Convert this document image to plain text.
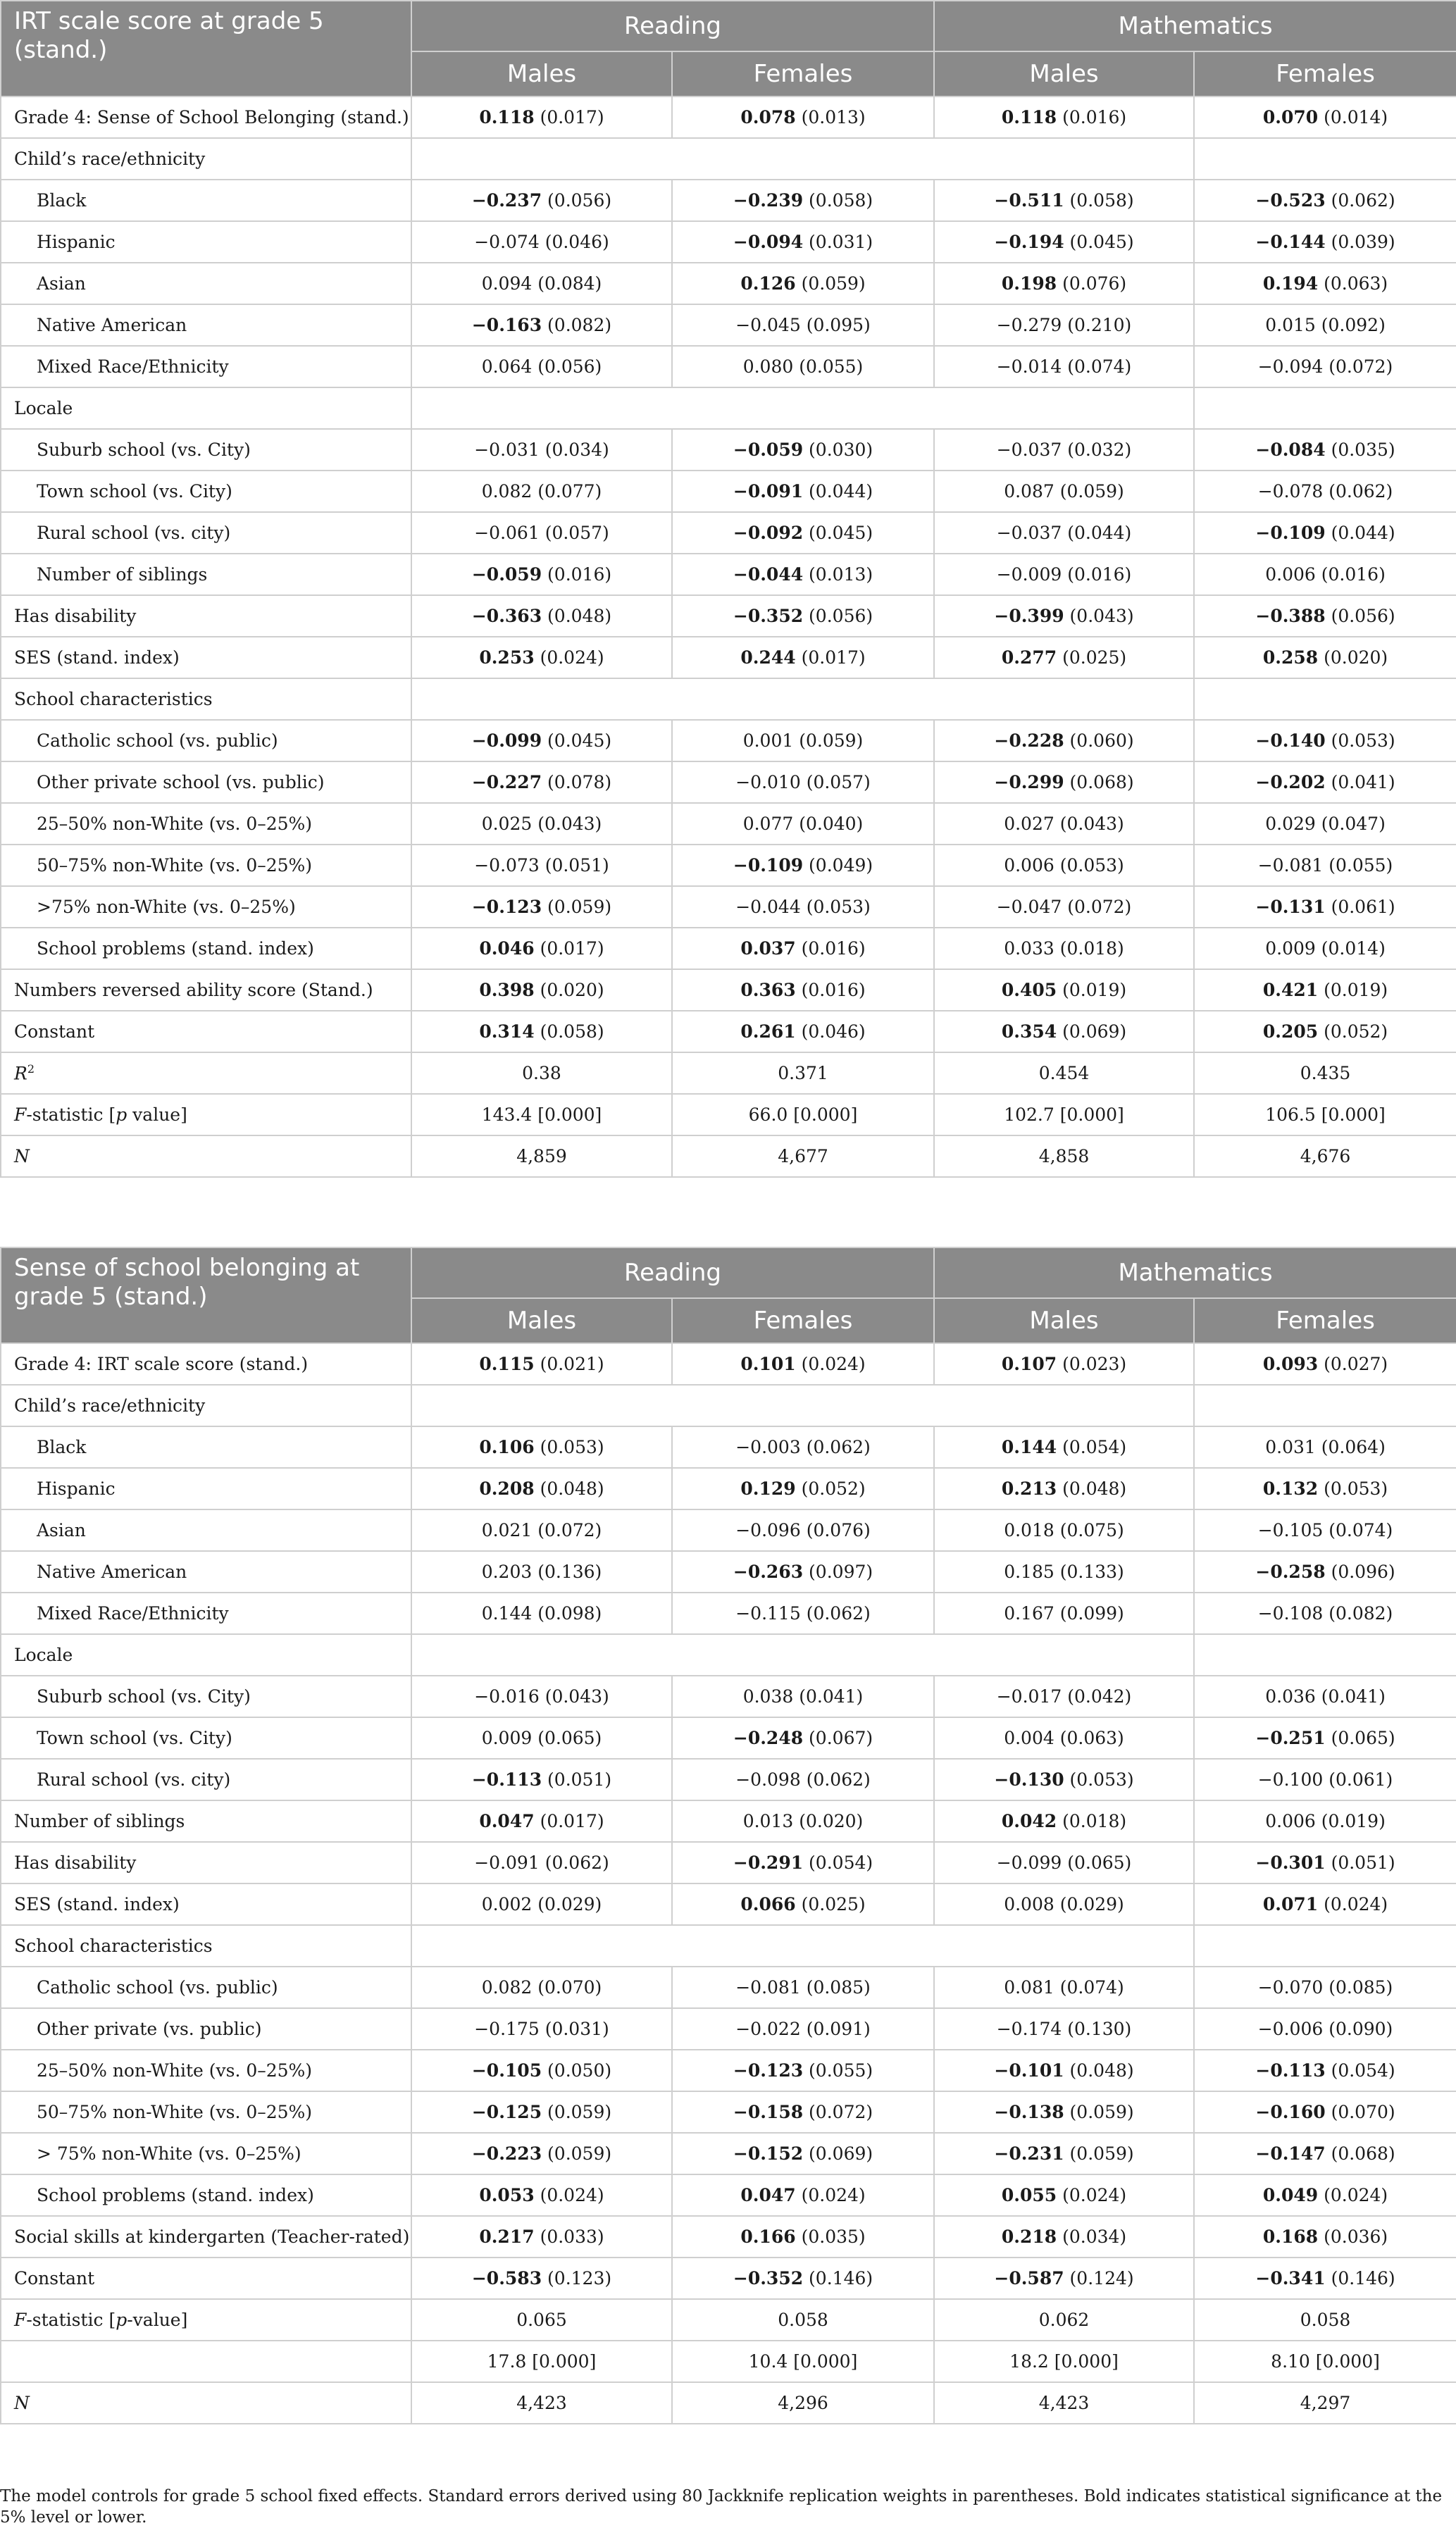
IRT scale score at grade 5 (stand.)	Reading		Mathematics	
	Males	Females	Males	Females
Grade 4: Sense of School Belonging (stand.)	0.118 (0.017)	0.078 (0.013)	0.118 (0.016)	0.070 (0.014)
Child’s race/ethnicity				
Black	−0.237 (0.056)	−0.239 (0.058)	−0.511 (0.058)	−0.523 (0.062)
Hispanic	−0.074 (0.046)	−0.094 (0.031)	−0.194 (0.045)	−0.144 (0.039)
Asian	0.094 (0.084)	0.126 (0.059)	0.198 (0.076)	0.194 (0.063)
Native American	−0.163 (0.082)	−0.045 (0.095)	−0.279 (0.210)	0.015 (0.092)
Mixed Race/Ethnicity	0.064 (0.056)	0.080 (0.055)	−0.014 (0.074)	−0.094 (0.072)
Locale				
Suburb school (vs. City)	−0.031 (0.034)	−0.059 (0.030)	−0.037 (0.032)	−0.084 (0.035)
Town school (vs. City)	0.082 (0.077)	−0.091 (0.044)	0.087 (0.059)	−0.078 (0.062)
Rural school (vs. city)	−0.061 (0.057)	−0.092 (0.045)	−0.037 (0.044)	−0.109 (0.044)
Number of siblings	−0.059 (0.016)	−0.044 (0.013)	−0.009 (0.016)	0.006 (0.016)
Has disability	−0.363 (0.048)	−0.352 (0.056)	−0.399 (0.043)	−0.388 (0.056)
SES (stand. index)	0.253 (0.024)	0.244 (0.017)	0.277 (0.025)	0.258 (0.020)
School characteristics				
Catholic school (vs. public)	−0.099 (0.045)	0.001 (0.059)	−0.228 (0.060)	−0.140 (0.053)
Other private school (vs. public)	−0.227 (0.078)	−0.010 (0.057)	−0.299 (0.068)	−0.202 (0.041)
25–50% non-White (vs. 0–25%)	0.025 (0.043)	0.077 (0.040)	0.027 (0.043)	0.029 (0.047)
50–75% non-White (vs. 0–25%)	−0.073 (0.051)	−0.109 (0.049)	0.006 (0.053)	−0.081 (0.055)
>75% non-White (vs. 0–25%)	−0.123 (0.059)	−0.044 (0.053)	−0.047 (0.072)	−0.131 (0.061)
School problems (stand. index)	0.046 (0.017)	0.037 (0.016)	0.033 (0.018)	0.009 (0.014)
Numbers reversed ability score (Stand.)	0.398 (0.020)	0.363 (0.016)	0.405 (0.019)	0.421 (0.019)
Constant	0.314 (0.058)	0.261 (0.046)	0.354 (0.069)	0.205 (0.052)
$R^2$	0.38	0.371	0.454	0.435
F-statistic [p value]	143.4 [0.000]	66.0 [0.000]	102.7 [0.000]	106.5 [0.000]
N	4,859	4,677	4,858	4,676
Sense of school belonging at grade 5 (stand.)	Reading		Mathematics	
	Males	Females	Males	Females
Grade 4: IRT scale score (stand.)	0.115 (0.021)	0.101 (0.024)	0.107 (0.023)	0.093 (0.027)
Child’s race/ethnicity				
Black	0.106 (0.053)	−0.003 (0.062)	0.144 (0.054)	0.031 (0.064)
Hispanic	0.208 (0.048)	0.129 (0.052)	0.213 (0.048)	0.132 (0.053)
Asian	0.021 (0.072)	−0.096 (0.076)	0.018 (0.075)	−0.105 (0.074)
Native American	0.203 (0.136)	−0.263 (0.097)	0.185 (0.133)	−0.258 (0.096)
Mixed Race/Ethnicity	0.144 (0.098)	−0.115 (0.062)	0.167 (0.099)	−0.108 (0.082)
Locale				
Suburb school (vs. City)	−0.016 (0.043)	0.038 (0.041)	−0.017 (0.042)	0.036 (0.041)
Town school (vs. City)	0.009 (0.065)	−0.248 (0.067)	0.004 (0.063)	−0.251 (0.065)
Rural school (vs. city)	−0.113 (0.051)	−0.098 (0.062)	−0.130 (0.053)	−0.100 (0.061)
Number of siblings	0.047 (0.017)	0.013 (0.020)	0.042 (0.018)	0.006 (0.019)
Has disability	−0.091 (0.062)	−0.291 (0.054)	−0.099 (0.065)	−0.301 (0.051)
SES (stand. index)	0.002 (0.029)	0.066 (0.025)	0.008 (0.029)	0.071 (0.024)
School characteristics				
Catholic school (vs. public)	0.082 (0.070)	−0.081 (0.085)	0.081 (0.074)	−0.070 (0.085)
Other private (vs. public)	−0.175 (0.031)	−0.022 (0.091)	−0.174 (0.130)	−0.006 (0.090)
25–50% non-White (vs. 0–25%)	−0.105 (0.050)	−0.123 (0.055)	−0.101 (0.048)	−0.113 (0.054)
50–75% non-White (vs. 0–25%)	−0.125 (0.059)	−0.158 (0.072)	−0.138 (0.059)	−0.160 (0.070)
> 75% non-White (vs. 0–25%)	−0.223 (0.059)	−0.152 (0.069)	−0.231 (0.059)	−0.147 (0.068)
School problems (stand. index)	0.053 (0.024)	0.047 (0.024)	0.055 (0.024)	0.049 (0.024)
Social skills at kindergarten (Teacher-rated)	0.217 (0.033)	0.166 (0.035)	0.218 (0.034)	0.168 (0.036)
Constant	−0.583 (0.123)	−0.352 (0.146)	−0.587 (0.124)	−0.341 (0.146)
F-statistic [p-value]	0.065	0.058	0.062	0.058
	17.8 [0.000]	10.4 [0.000]	18.2 [0.000]	8.10 [0.000]
N	4,423	4,296	4,423	4,297

The model controls for grade 5 school fixed effects. Standard errors derived using 80 Jackknife replication weights in parentheses. Bold indicates statistical significance at the 5% level or lower.
